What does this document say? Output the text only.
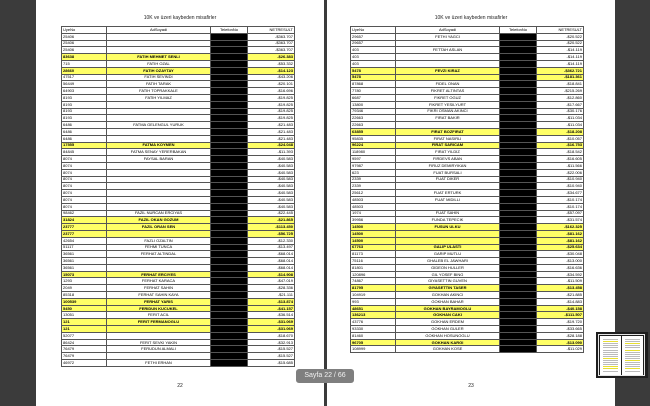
10K ve üzeri kaybeden misafirler
UyeNo	AdSoyadi	TelefonNo	NETRESULT
25406			-$363.707
25406			-$363.707
25406			-$363.707
83638	FATIH MEHMET SENLI		-$26.383
715	FATIH OZAL		-$53.332
28660	FATIH OZAYTAY		-$14.123
47517	FATIH SEVINDI		-$43.206
56449	FATIH TARAK		-$20.101
64903	FATIH TOPRAKKALE		-$16.696
8193	FATIH YILMAZ		-$19.825
8193			-$19.825
8193			-$19.825
8193			-$19.825
6486	FATMA GELENGUL YURUK		-$21.483
6486			-$21.483
6486			-$21.483
17555	FATMA KOYMEN		-$24.048
84845	FATMA SENAY YERERBAKAN		-$11.393
8074	FAYSAL BARAN		-$40.583
8074			-$40.583
8074			-$40.583
8074			-$40.583
8074			-$40.583
8074			-$40.583
8074			-$40.583
8074			-$40.583
98462	FAZIL NURCAN ERCIYAS		-$22.445
31824	FAZIL OKAN GOZUM		-$21.865
23777	FAZIL ORAN SEN		-$113.450
23777			-$56.725
42654	FAZLI OZALTIN		-$12.330
51117	FEHMI TUNCA		-$13.497
36561	FERHAT ALTINDAL		-$68.014
36561			-$68.014
36561			-$68.014
15073	FERHAT ERCIYES		-$14.908
1293	FERHAT KARACA		-$47.019
2049	FERHAT SAHIN		-$28.336
85318	FERHAT SAHIN KAYA		-$21.111
100539	FERHAT YARIS		-$13.874
5450	FERIDUN KUCUKEL		-$41.157
13051	FERIT ACIL		-$36.514
121	FERIT FERMANOGLU		-$31.069
121			-$31.069
52077			-$18.670
86424	FERIT SEVKI YAKIN		-$32.913
76479	FERUDUN ALMALI		-$15.527
76479			-$15.527
46972	FETHI ERHAN		-$15.685
22
10K ve üzeri kaybeden misafirler
UyeNo	AdSoyadi	TelefonNo	NETRESULT
29657	FETHI YAGCI		-$20.522
29657			-$20.522
403	FETTAH ASLAN		-$14.119
403			-$14.119
403			-$14.119
5478	FEVZI KIRAZ		-$362.721
5478			-$181.361
87868	FIDEL ONAN		-$18.841
7780	FIKRET ALTINTAS		-$215.269
6687	FIKRET OGUZ		-$12.860
13800	FIKRET YESILYURT		-$17.667
79346	FIKRI OSMAN AKINCI		-$30.176
22663	FIRAT BAKIR		-$11.034
22663			-$11.034
63855	FIRAT BOZFIRAT		-$18.208
95835	FIRAT NASIRLI		-$10.057
96224	FIRAT SARICAM		-$16.753
118980	FIRAT YILDIZ		-$18.542
9597	FIRDEVS ABAN		-$16.605
97987	FIRUZ DEMIRYIKAN		-$11.566
623	FUAT BURSALI		-$22.006
2339	FUAT DIKER		-$10.940
2339			-$10.940
25612	FUAT ERTURK		-$34.677
48503	FUAT MIDILLI		-$10.174
48503			-$10.174
1974	FUAT SAHIN		-$57.097
39956	FUNDA TEPECIK		-$31.574
14500	FUSUN ULKU		-$162.325
14500			-$81.162
14500			-$81.162
67763	GALIP ULASTI		-$25.634
81173	GARIP MUTLU		-$30.048
75116	GHALEB EL JAWHARI		-$13.000
81801	GIDEON HULLER		-$16.636
120896	GIL YOSEF BING		-$34.592
74867	GIYASETTIN GUVEN		-$11.509
81795	GIYASETTIN TASER		-$13.458
104919	GOKHAN AKINCI		-$21.885
993	GOKHAN BAHAR		-$14.883
48651	GOKHAN BAYRAMOGLU		-$40.158
136213	GOKHAN CAKI		-$111.507
43776	GOKHAN ERDEM		-$19.720
93330	GOKHAN GULER		-$33.665
81460	GOKHAN HOSUNOGLU		-$28.188
96705	GOKHAN KARGI		-$13.090
108999	GOKHAN KOSE		-$11.029
23
Sayfa 22 / 66
